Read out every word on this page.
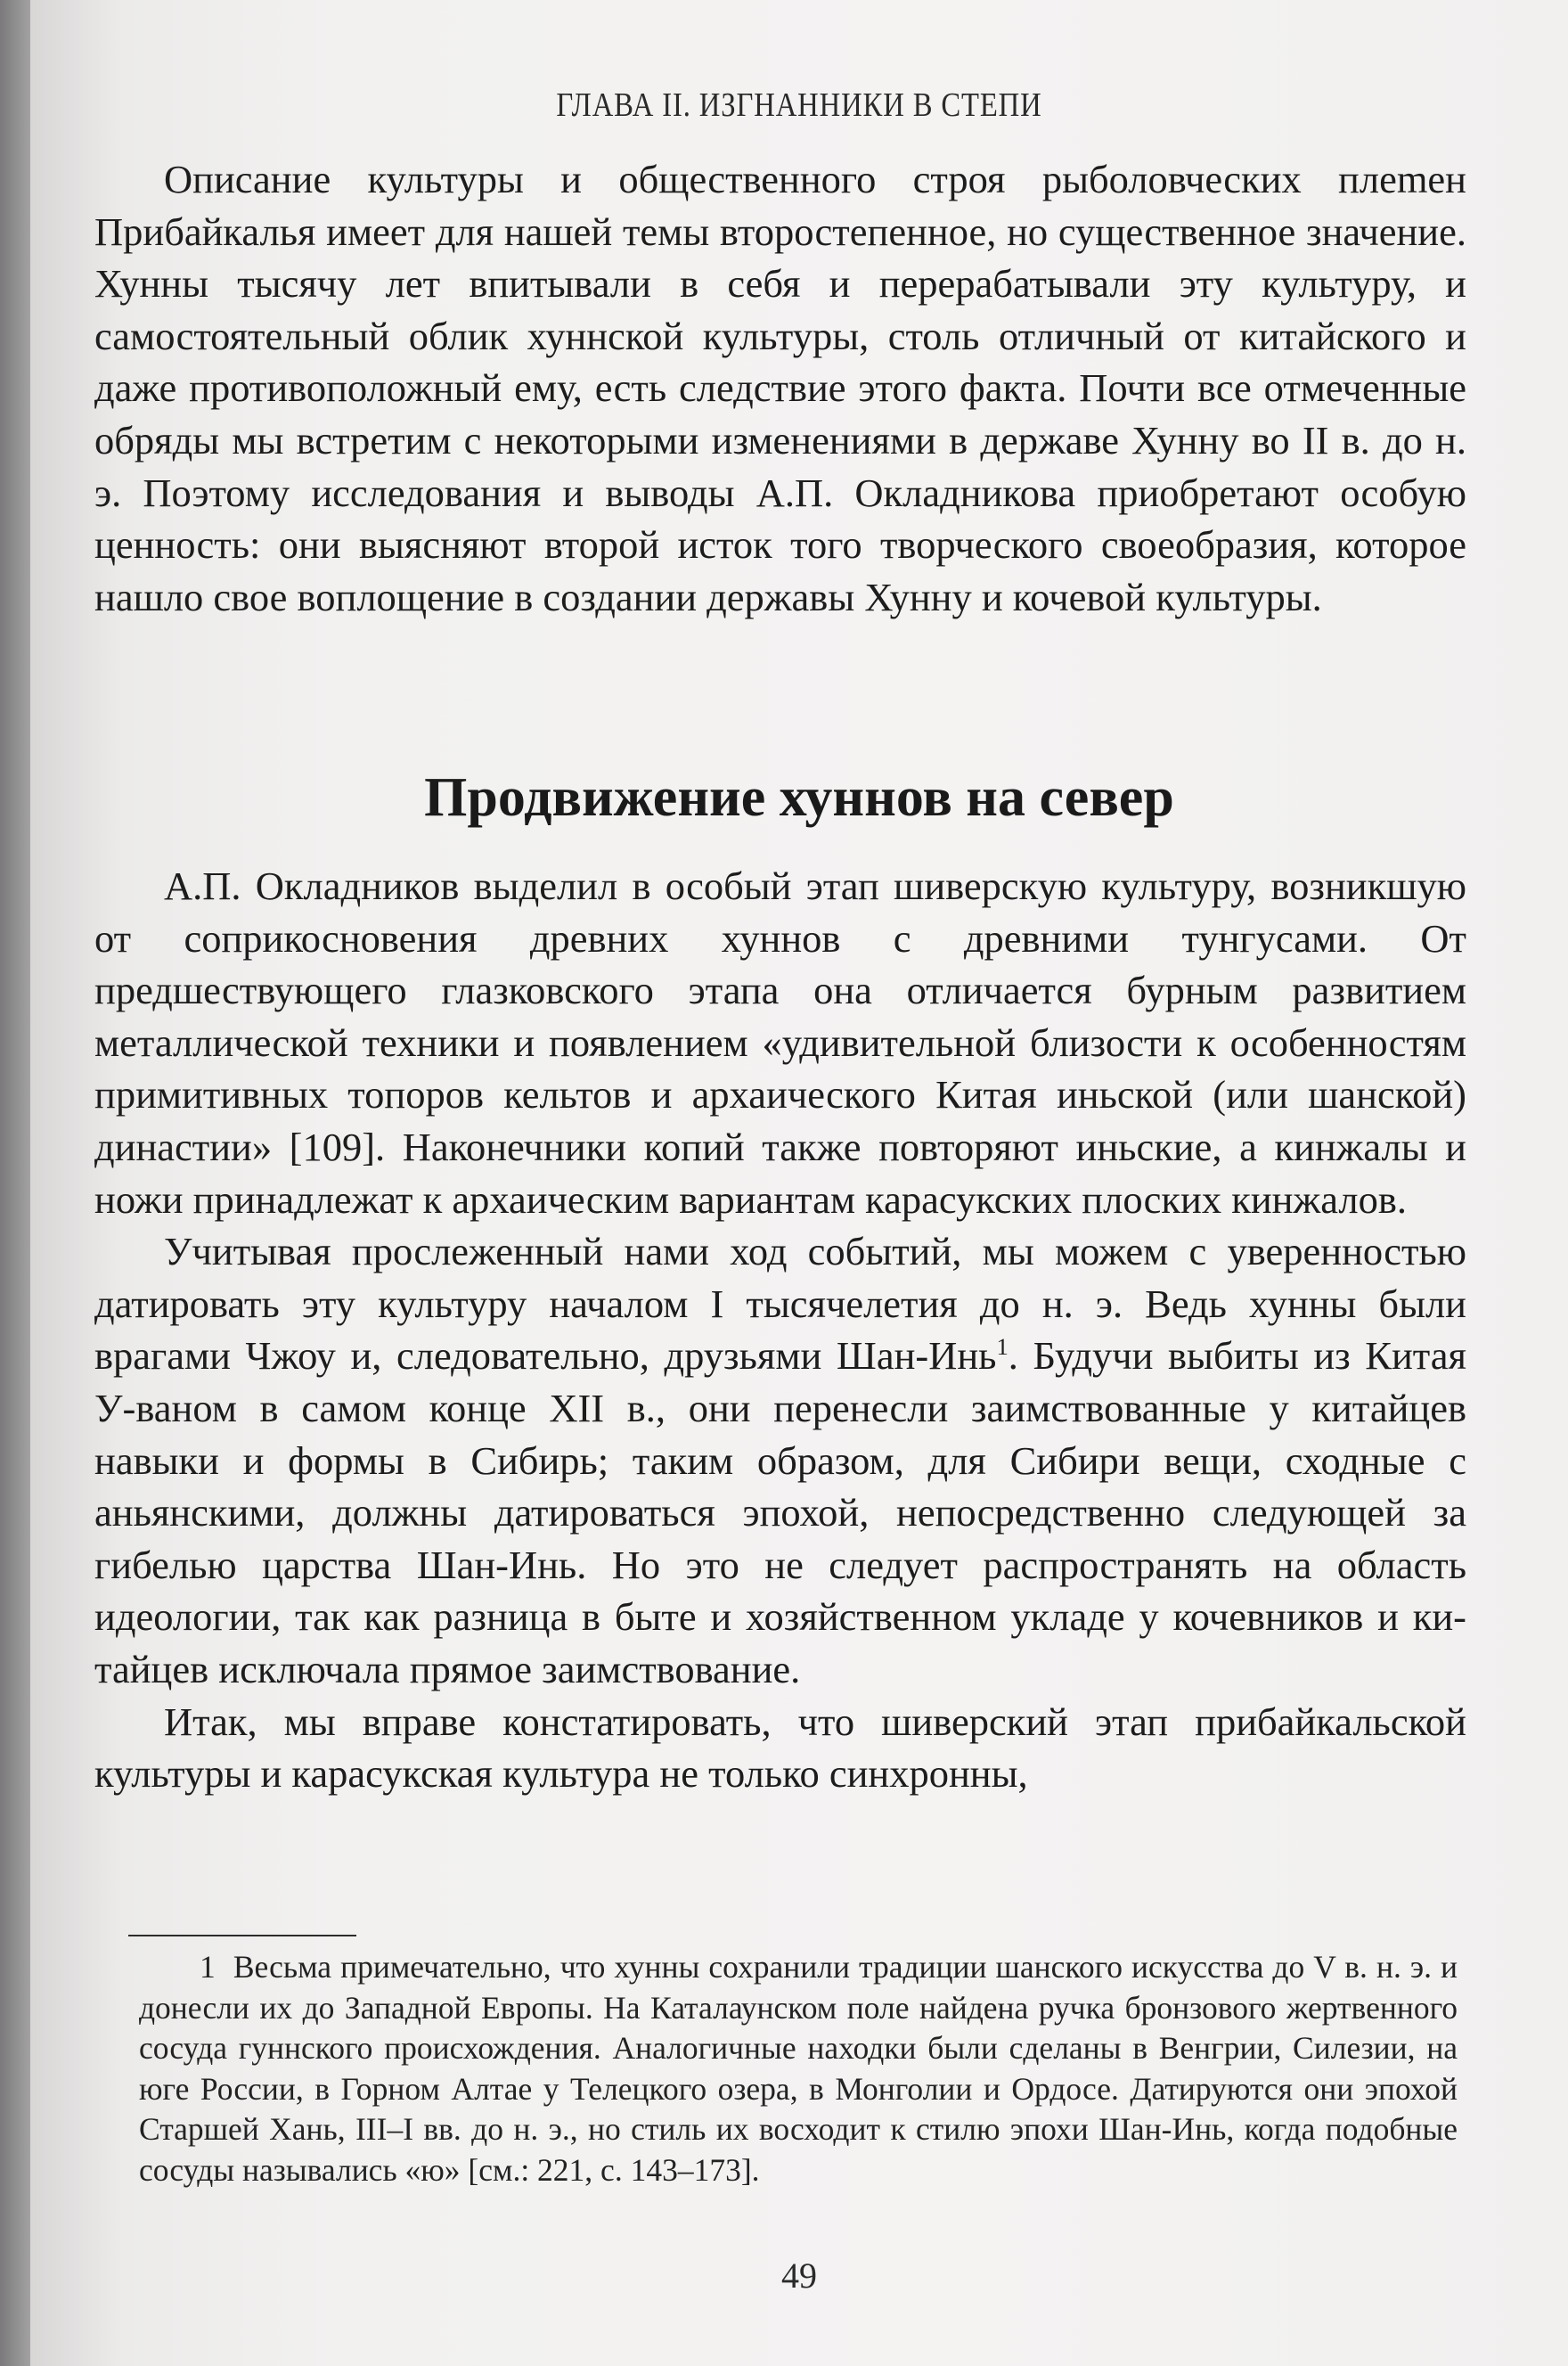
ГЛАВА II. ИЗГНАННИКИ В СТЕПИ

Описание культуры и общественного строя рыболовческих плеmен Прибайкалья имеет для нашей темы второстепенное, но существенное значение. Хунны тысячу лет впитывали в себя и перерабатывали эту культуру, и самостоятельный облик хуннской культуры, столь отличный от китайского и даже противоположный ему, есть следствие этого факта. Почти все отмеченные обряды мы встретим с некоторыми изменениями в державе Хунну во II в. до н. э. Поэтому исследования и выводы А.П. Окладникова приобретают особую ценность: они выясняют второй исток того творческого своеобразия, которое нашло свое воплощение в создании державы Хунну и кочевой культуры.

Продвижение хуннов на север

А.П. Окладников выделил в особый этап шиверскую культуру, возникшую от соприкосновения древних хуннов с древними тунгусами. От предшествующего глазковского этапа она отличается бурным развитием металлической техники и появлением «удивительной близости к особенностям примитивных топоров кельтов и архаического Китая иньской (или шанской) династии» [109]. Наконечники копий также повторяют иньские, а кинжалы и ножи принадлежат к архаическим вариантам карасукских плоских кинжалов.

Учитывая прослеженный нами ход событий, мы можем с уверенностью датировать эту культуру началом I тысячелетия до н. э. Ведь хунны были врагами Чжоу и, следовательно, друзьями Шан-Инь$^1$. Будучи выбиты из Китая У-ваном в самом конце XII в., они перенесли заимствованные у китайцев навыки и формы в Сибирь; таким образом, для Сибири вещи, сходные с аньянскими, должны датироваться эпохой, непосредственно следующей за гибелью царства Шан-Инь. Но это не следует распространять на область идеологии, так как разница в быте и хозяйственном укладе у кочевников и китайцев исключала прямое заимствование.

Итак, мы вправе констатировать, что шиверский этап прибайкальской культуры и карасукская культура не только синхронны,

1 Весьма примечательно, что хунны сохранили традиции шанского искусства до V в. н. э. и донесли их до Западной Европы. На Каталаунском поле найдена ручка бронзового жертвенного сосуда гуннского происхождения. Аналогичные находки были сделаны в Венгрии, Силезии, на юге России, в Горном Алтае у Телецкого озера, в Монголии и Ордосе. Датируются они эпохой Старшей Хань, III–I вв. до н. э., но стиль их восходит к стилю эпохи Шан-Инь, когда подобные сосуды назывались «ю» [см.: 221, с. 143–173].

49
